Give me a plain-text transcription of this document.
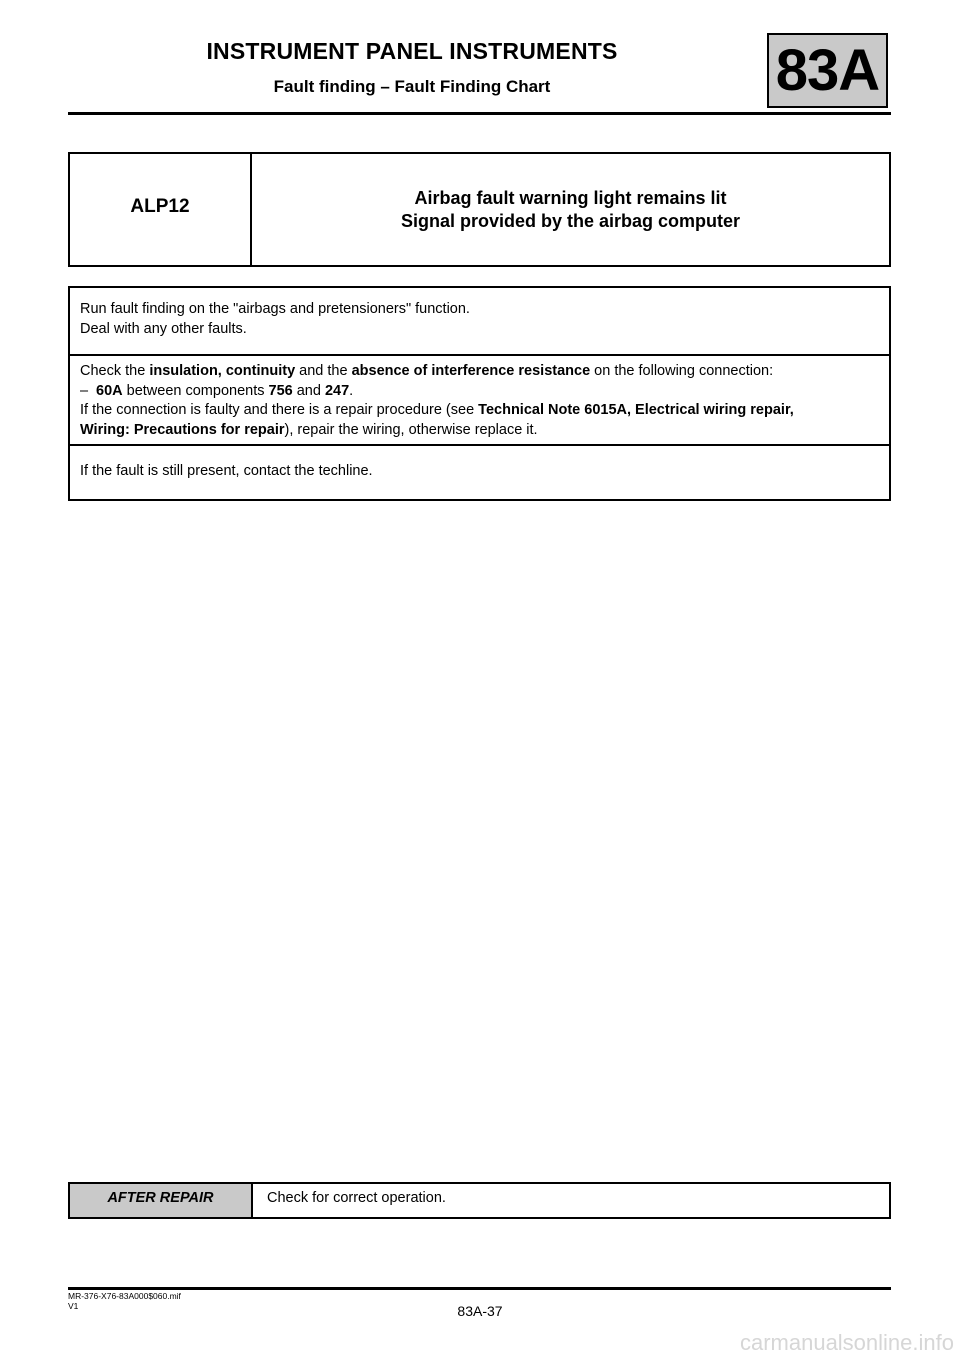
INSTRUMENT PANEL INSTRUMENTS
Fault finding – Fault Finding Chart	83A
ALP12	Airbag fault warning light remains lit
Signal provided by the airbag computer

Run fault finding on the "airbags and pretensioners" function.

Deal with any other faults.

Check the insulation, continuity and the absence of interference resistance on the following connection:

– 60A between components 756 and 247.

If the connection is faulty and there is a repair procedure (see Technical Note 6015A, Electrical wiring repair,

Wiring: Precautions for repair), repair the wiring, otherwise replace it.

If the fault is still present, contact the techline.

AFTER REPAIR	Check for correct operation.
MR-376-X76-83A000$060.mif
V1	83A-37
carmanualsonline.info
